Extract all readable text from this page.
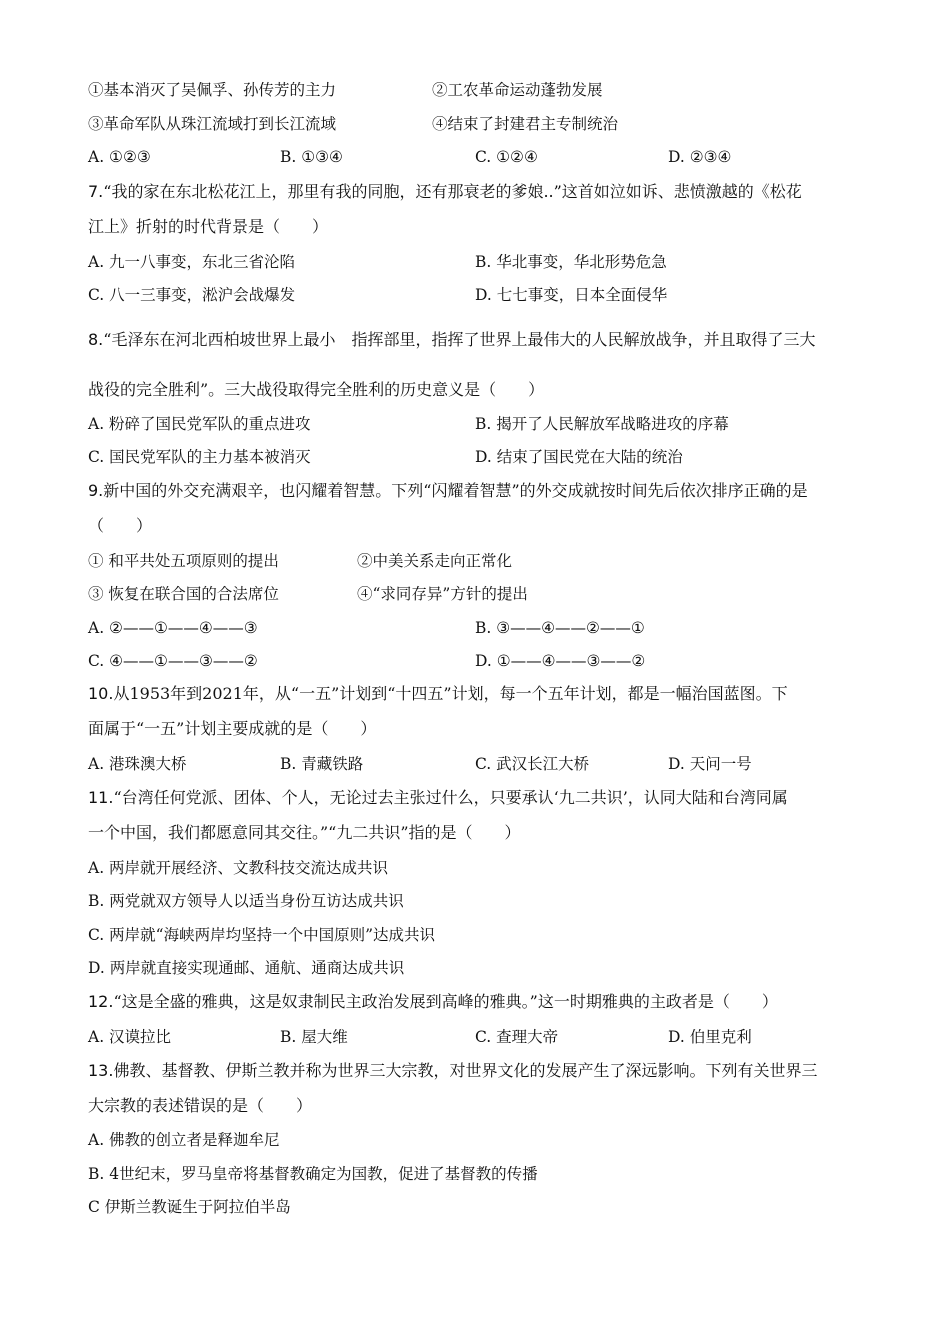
①基本消灭了吴佩孚、孙传芳的主力	②工农革命运动蓬勃发展
③革命军队从珠江流域打到长江流域	④结束了封建君主专制统治
A. ①②③	B. ①③④	C. ①②④	D. ②③④
7.“我的家在东北松花江上，那里有我的同胞，还有那衰老的爹娘..”这首如泣如诉、悲愤激越的《松花
江上》折射的时代背景是（　　）
A. 九一八事变，东北三省沦陷	B. 华北事变，华北形势危急
C. 八一三事变，淞沪会战爆发	D. 七七事变，日本全面侵华
8.“毛泽东在河北西柏坡世界上最小　指挥部里，指挥了世界上最伟大的人民解放战争，并且取得了三大
战役的完全胜利”。三大战役取得完全胜利的历史意义是（　　）
A. 粉碎了国民党军队的重点进攻	B. 揭开了人民解放军战略进攻的序幕
C. 国民党军队的主力基本被消灭	D. 结束了国民党在大陆的统治
9.新中国的外交充满艰辛，也闪耀着智慧。下列“闪耀着智慧”的外交成就按时间先后依次排序正确的是
（　　）
① 和平共处五项原则的提出	②中美关系走向正常化
③ 恢复在联合国的合法席位	④“求同存异”方针的提出
A. ②——①——④——③	B. ③——④——②——①
C. ④——①——③——②	D. ①——④——③——②
10.从1953年到2021年，从“一五”计划到“十四五”计划，每一个五年计划，都是一幅治国蓝图。下
面属于“一五”计划主要成就的是（　　）
A. 港珠澳大桥	B. 青藏铁路	C. 武汉长江大桥	D. 天问一号
11.“台湾任何党派、团体、个人，无论过去主张过什么，只要承认‘九二共识’，认同大陆和台湾同属
一个中国，我们都愿意同其交往。”“九二共识”指的是（　　）
A. 两岸就开展经济、文教科技交流达成共识
B. 两党就双方领导人以适当身份互访达成共识
C. 两岸就“海峡两岸均坚持一个中国原则”达成共识
D. 两岸就直接实现通邮、通航、通商达成共识
12.“这是全盛的雅典，这是奴隶制民主政治发展到高峰的雅典。”这一时期雅典的主政者是（　　）
A. 汉谟拉比	B. 屋大维	C. 查理大帝	D. 伯里克利
13.佛教、基督教、伊斯兰教并称为世界三大宗教，对世界文化的发展产生了深远影响。下列有关世界三
大宗教的表述错误的是（　　）
A. 佛教的创立者是释迦牟尼
B. 4世纪末，罗马皇帝将基督教确定为国教，促进了基督教的传播
C 伊斯兰教诞生于阿拉伯半岛
